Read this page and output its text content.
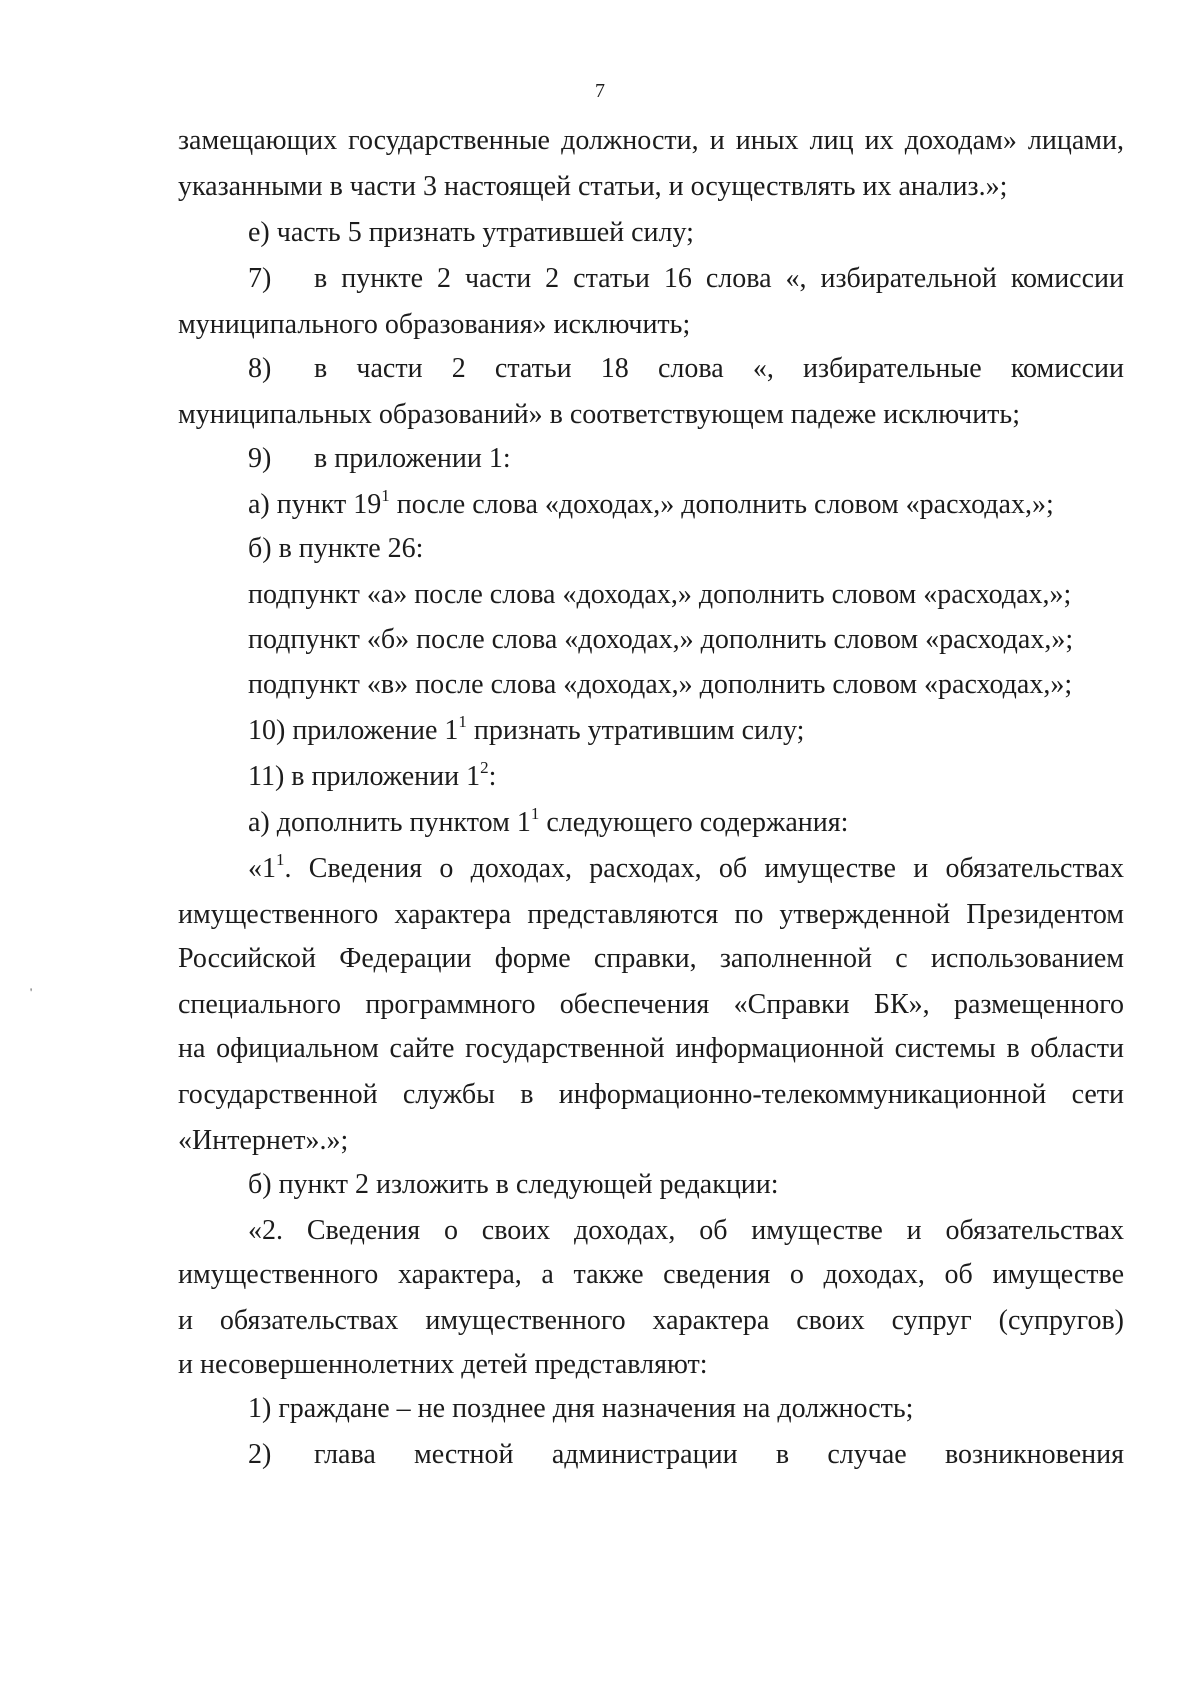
7
'
замещающих государственные должности, и иных лиц их доходам» лицами,
указанными в части 3 настоящей статьи, и осуществлять их анализ.»;
е) часть 5 признать утратившей силу;
7) в пункте 2 части 2 статьи 16 слова «, избирательной комиссии
муниципального образования» исключить;
8) в части 2 статьи 18 слова «, избирательные комиссии
муниципальных образований» в соответствующем падеже исключить;
9) в приложении 1:
а) пункт $19^1$ после слова «доходах,» дополнить словом «расходах,»;
б) в пункте 26:
подпункт «а» после слова «доходах,» дополнить словом «расходах,»;
подпункт «б» после слова «доходах,» дополнить словом «расходах,»;
подпункт «в» после слова «доходах,» дополнить словом «расходах,»;
10) приложение $1^1$ признать утратившим силу;
11) в приложении $1^2$:
а) дополнить пунктом $1^1$ следующего содержания:
«$1^1$. Сведения о доходах, расходах, об имуществе и обязательствах
имущественного характера представляются по утвержденной Президентом
Российской Федерации форме справки, заполненной с использованием
специального программного обеспечения «Справки БК», размещенного
на официальном сайте государственной информационной системы в области
государственной службы в информационно-телекоммуникационной сети
«Интернет».»;
б) пункт 2 изложить в следующей редакции:
«2. Сведения о своих доходах, об имуществе и обязательствах
имущественного характера, а также сведения о доходах, об имуществе
и обязательствах имущественного характера своих супруг (супругов)
и несовершеннолетних детей представляют:
1) граждане – не позднее дня назначения на должность;
2) глава местной администрации в случае возникновения
